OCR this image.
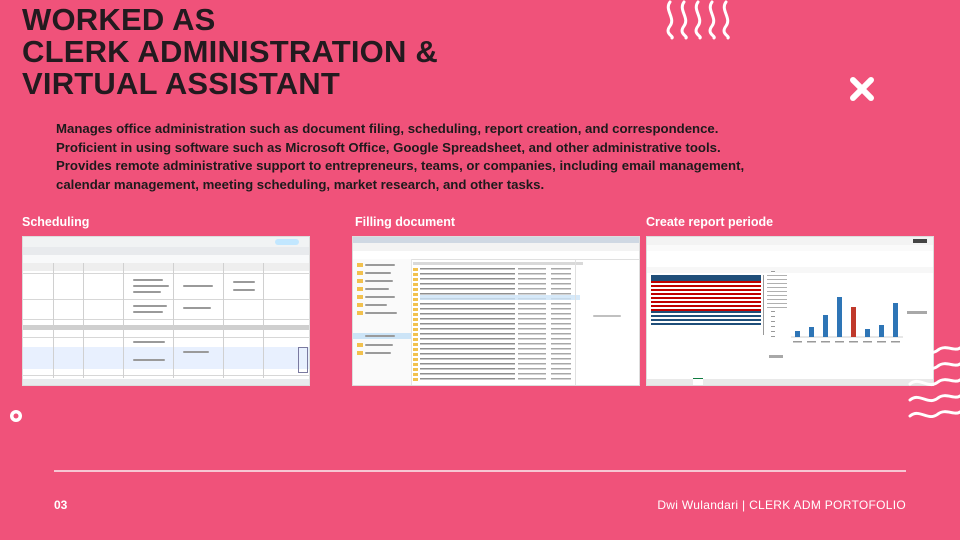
WORKED AS
CLERK ADMINISTRATION &
VIRTUAL ASSISTANT

Manages office administration such as document filing, scheduling, report creation, and correspondence. Proficient in using software such as Microsoft Office, Google Spreadsheet, and other administrative tools.

Provides remote administrative support to entrepreneurs, teams, or companies, including email management, calendar management, meeting scheduling, market research, and other tasks.

Scheduling	Filling document	Create report periode
03	Dwi Wulandari | CLERK ADM PORTOFOLIO
